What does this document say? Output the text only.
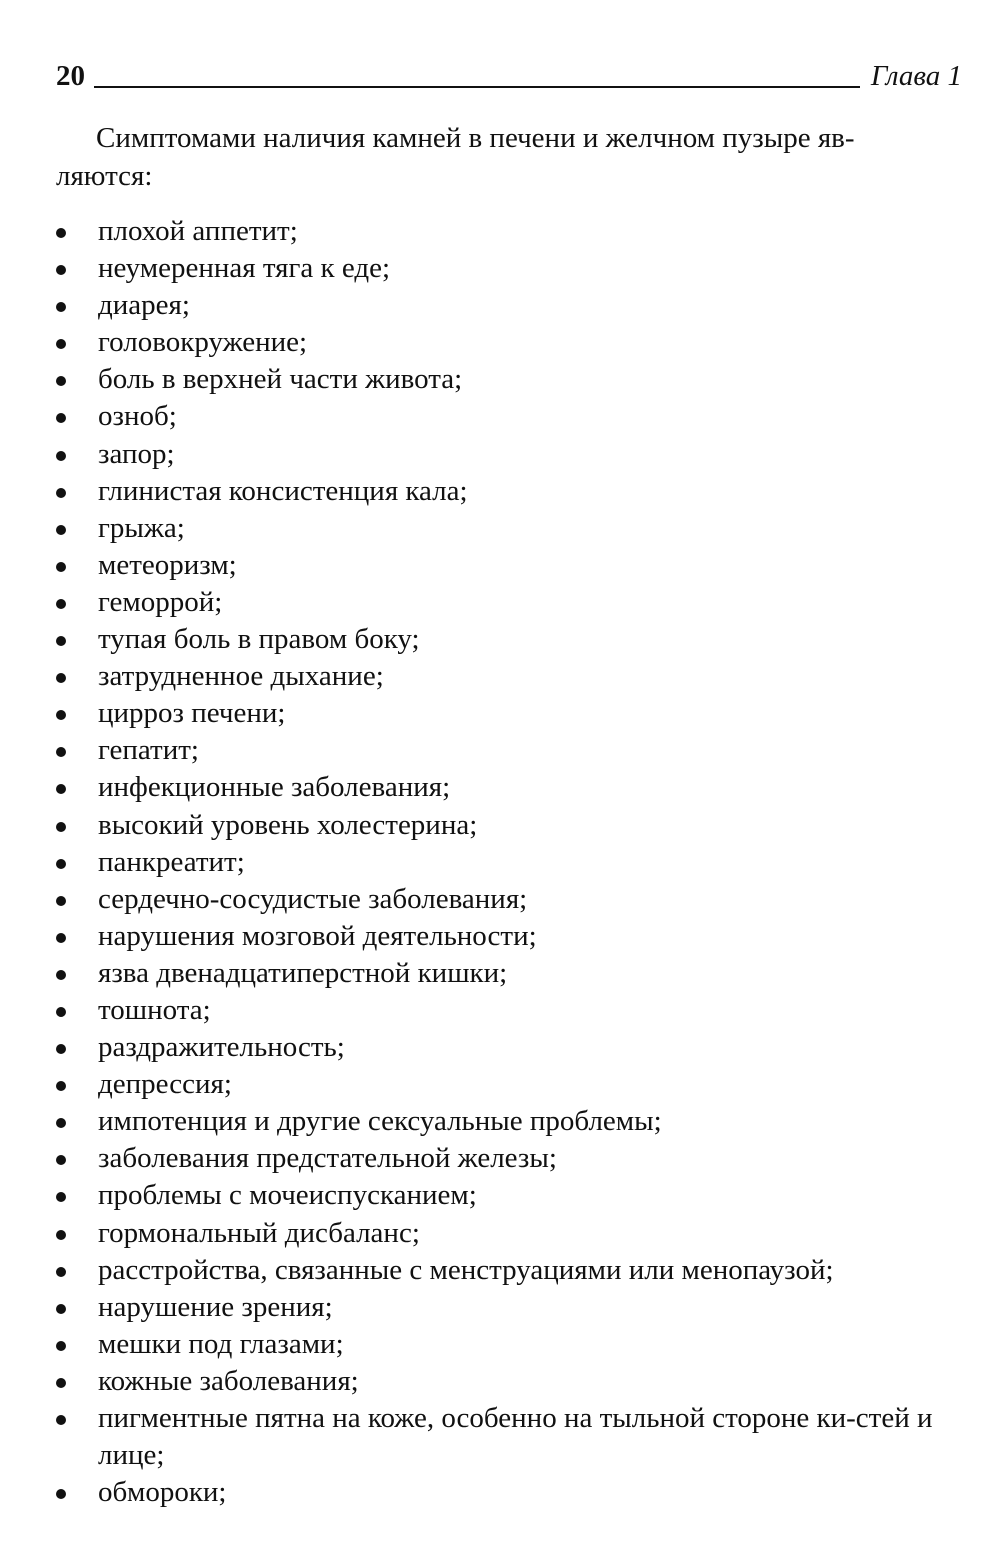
20	Глава 1

Симптомами наличия камней в печени и желчном пузыре яв-
ляются:

плохой аппетит;
неумеренная тяга к еде;
диарея;
головокружение;
боль в верхней части живота;
озноб;
запор;
глинистая консистенция кала;
грыжа;
метеоризм;
геморрой;
тупая боль в правом боку;
затрудненное дыхание;
цирроз печени;
гепатит;
инфекционные заболевания;
высокий уровень холестерина;
панкреатит;
сердечно-сосудистые заболевания;
нарушения мозговой деятельности;
язва двенадцатиперстной кишки;
тошнота;
раздражительность;
депрессия;
импотенция и другие сексуальные проблемы;
заболевания предстательной железы;
проблемы с мочеиспусканием;
гормональный дисбаланс;
расстройства, связанные с менструациями или менопаузой;
нарушение зрения;
мешки под глазами;
кожные заболевания;
пигментные пятна на коже, особенно на тыльной стороне ки-стей и лице;
обмороки;
